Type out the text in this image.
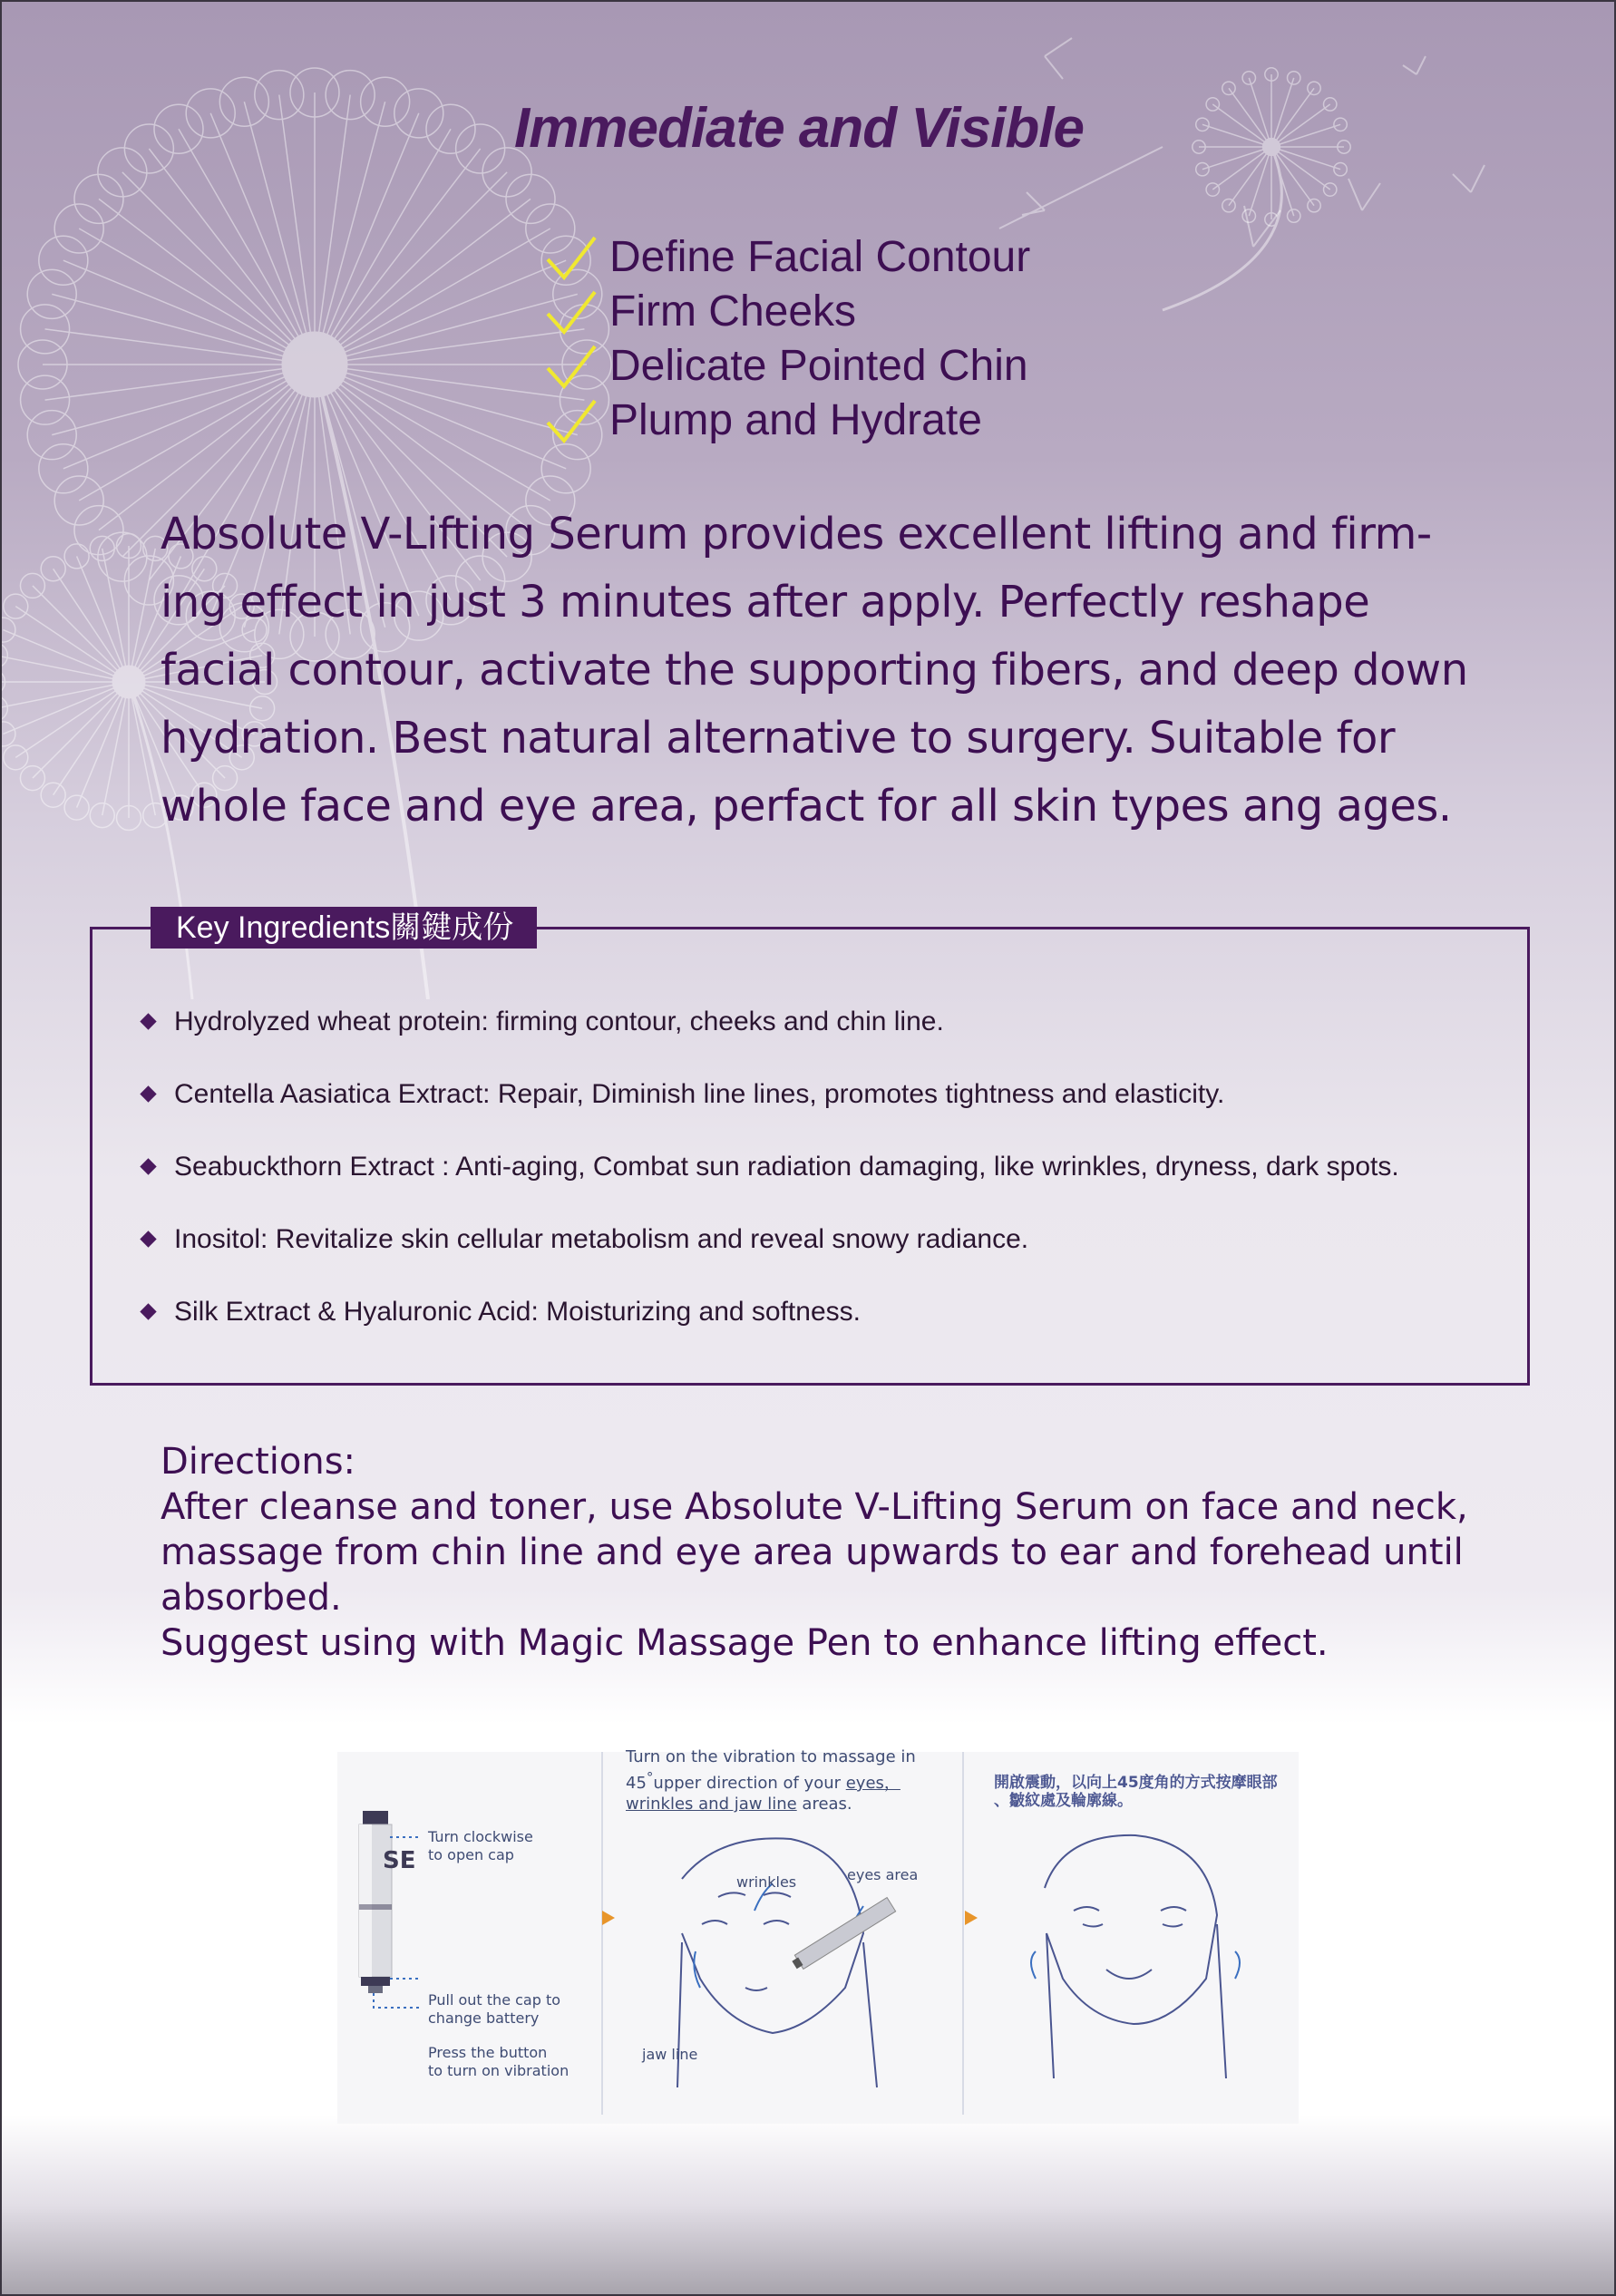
Immediate and Visible
Define Facial Contour
Firm Cheeks
Delicate Pointed Chin
Plump and Hydrate
Absolute V-Lifting Serum provides excellent lifting and firm-
ing effect in just 3 minutes after apply. Perfectly reshape
facial contour, activate the supporting fibers, and deep down
hydration. Best natural alternative to surgery. Suitable for
whole face and eye area, perfact for all skin types ang ages.
Key Ingredients關鍵成份
Hydrolyzed wheat protein: firming contour, cheeks and chin line.
Centella Aasiatica Extract: Repair, Diminish line lines, promotes tightness and elasticity.
Seabuckthorn Extract : Anti-aging, Combat sun radiation damaging, like wrinkles, dryness, dark spots.
Inositol: Revitalize skin cellular metabolism and reveal snowy radiance.
Silk Extract & Hyaluronic Acid: Moisturizing and softness.
Directions:
After cleanse and toner, use Absolute V-Lifting Serum on face and neck,
massage from chin line and eye area upwards to ear and forehead until
absorbed.
Suggest using with Magic Massage Pen to enhance lifting effect.
SE
Turn clockwise
to open cap
Pull out the cap to
change battery
Press the button
to turn on vibration
Turn on the vibration to massage in
45°upper direction of your eyes，
wrinkles and jaw line areas.
wrinkles	eyes area
jaw line
開啟震動，以向上45度角的方式按摩眼部
、皺紋處及輪廓線。
